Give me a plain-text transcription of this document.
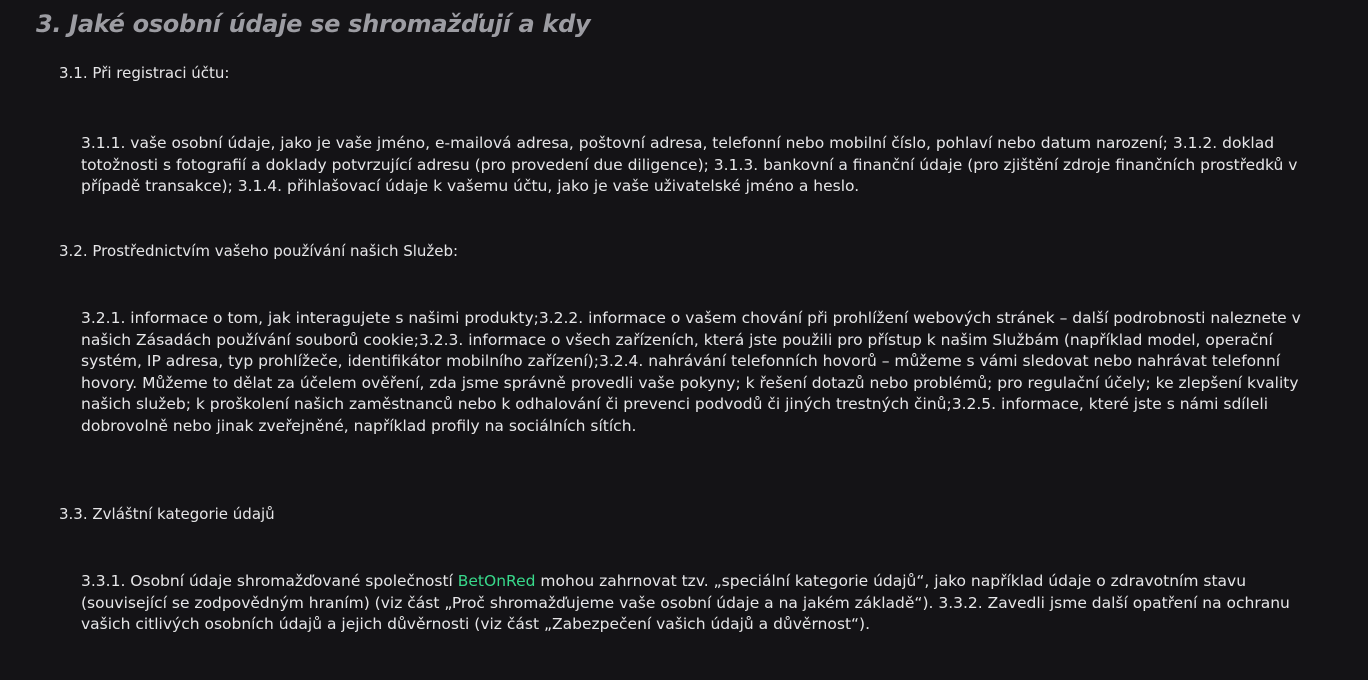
3. Jaké osobní údaje se shromažďují a kdy
3.1. Při registraci účtu:

3.1.1. vaše osobní údaje, jako je vaše jméno, e-mailová adresa, poštovní adresa, telefonní nebo mobilní číslo, pohlaví nebo datum narození; 3.1.2. doklad totožnosti s fotografií a doklady potvrzující adresu (pro provedení due diligence); 3.1.3. bankovní a finanční údaje (pro zjištění zdroje finančních prostředků v případě transakce); 3.1.4. přihlašovací údaje k vašemu účtu, jako je vaše uživatelské jméno a heslo.

3.2. Prostřednictvím vašeho používání našich Služeb:

3.2.1. informace o tom, jak interagujete s našimi produkty;3.2.2. informace o vašem chování při prohlížení webových stránek – další podrobnosti naleznete v našich Zásadách používání souborů cookie;3.2.3. informace o všech zařízeních, která jste použili pro přístup k našim Službám (například model, operační systém, IP adresa, typ prohlížeče, identifikátor mobilního zařízení);3.2.4. nahrávání telefonních hovorů – můžeme s vámi sledovat nebo nahrávat telefonní hovory. Můžeme to dělat za účelem ověření, zda jsme správně provedli vaše pokyny; k řešení dotazů nebo problémů; pro regulační účely; ke zlepšení kvality našich služeb; k proškolení našich zaměstnanců nebo k odhalování či prevenci podvodů či jiných trestných činů;3.2.5. informace, které jste s námi sdíleli dobrovolně nebo jinak zveřejněné, například profily na sociálních sítích.

3.3. Zvláštní kategorie údajů

3.3.1. Osobní údaje shromažďované společností BetOnRed mohou zahrnovat tzv. „speciální kategorie údajů“, jako například údaje o zdravotním stavu (související se zodpovědným hraním) (viz část „Proč shromažďujeme vaše osobní údaje a na jakém základě“). 3.3.2. Zavedli jsme další opatření na ochranu vašich citlivých osobních údajů a jejich důvěrnosti (viz část „Zabezpečení vašich údajů a důvěrnost“).
